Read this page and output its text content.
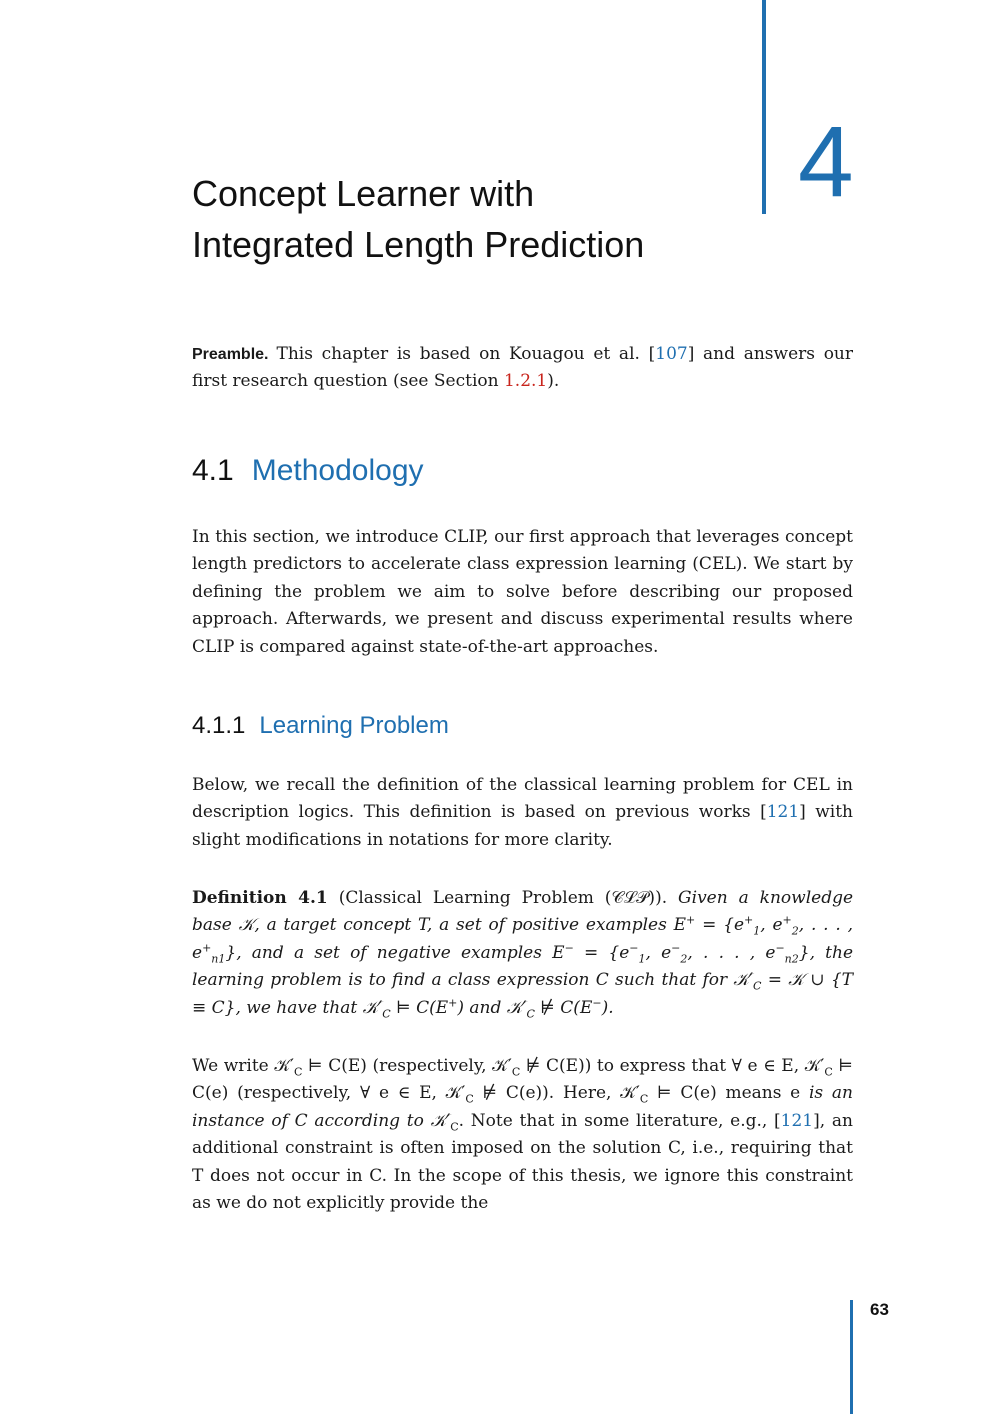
4
Concept Learner with
Integrated Length Prediction

Preamble. This chapter is based on Kouagou et al. [107] and answers our first research question (see Section 1.2.1).

4.1 Methodology

In this section, we introduce CLIP, our first approach that leverages concept length predictors to accelerate class expression learning (CEL). We start by defining the problem we aim to solve before describing our proposed approach. Afterwards, we present and discuss experimental results where CLIP is compared against state-of-the-art approaches.

4.1.1 Learning Problem

Below, we recall the definition of the classical learning problem for CEL in description logics. This definition is based on previous works [121] with slight modifications in notations for more clarity.

Definition 4.1 (Classical Learning Problem (𝒞ℒ𝒫)). Given a knowledge base 𝒦, a target concept T, a set of positive examples $E^+ = \{e^+_1$, $e^+_2$, . . . , $e^+_{n1}$}, and a set of negative examples $E^- = \{e^-_1$, $e^-_2$, . . . , $e^-_{n2}$}, the learning problem is to find a class expression C such that for $𝒦'_C$ = 𝒦 ∪ {T ≡ C}, we have that $𝒦'_C$ ⊨ C(E+) and $𝒦'_C$ ⊭ C(E−).

We write $𝒦'_C$ ⊨ C(E) (respectively, $𝒦'_C$ ⊭ C(E)) to express that ∀ e ∈ E, $𝒦'_C$ ⊨ C(e) (respectively, ∀ e ∈ E, $𝒦'_C$ ⊭ C(e)). Here, $𝒦'_C$ ⊨ C(e) means e is an instance of C according to $𝒦'_C$. Note that in some literature, e.g., [121], an additional constraint is often imposed on the solution C, i.e., requiring that T does not occur in C. In the scope of this thesis, we ignore this constraint as we do not explicitly provide the

63
